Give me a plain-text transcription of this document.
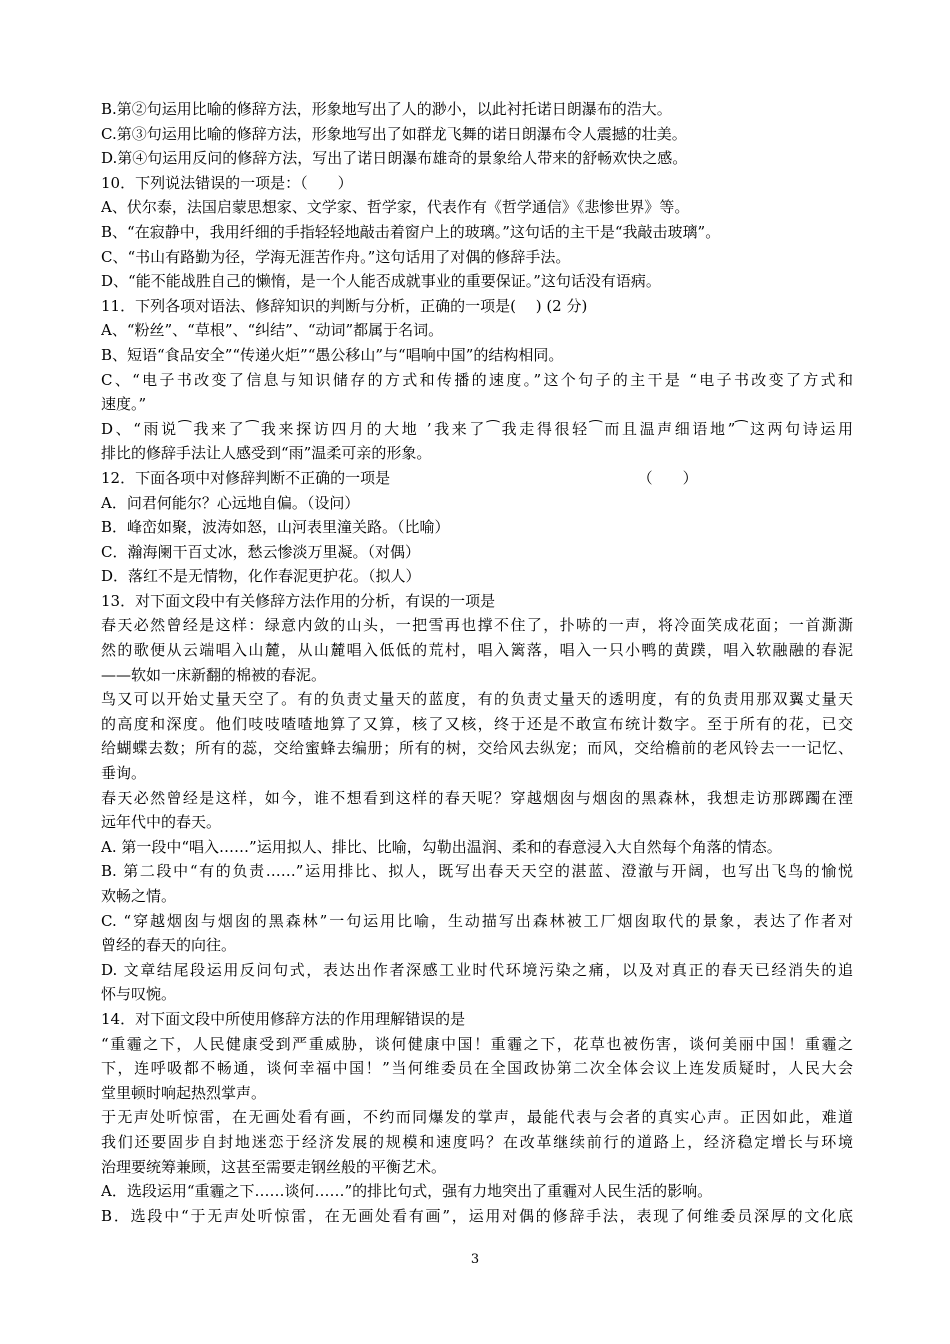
B.第②句运用比喻的修辞方法，形象地写出了人的渺小，以此衬托诺日朗瀑布的浩大。
C.第③句运用比喻的修辞方法，形象地写出了如群龙飞舞的诺日朗瀑布令人震撼的壮美。
D.第④句运用反问的修辞方法，写出了诺日朗瀑布雄奇的景象给人带来的舒畅欢快之感。
10．下列说法错误的一项是：（　　）
A、伏尔泰，法国启蒙思想家、文学家、哲学家，代表作有《哲学通信》《悲惨世界》等。
B、“在寂静中，我用纤细的手指轻轻地敲击着窗户上的玻璃。”这句话的主干是“我敲击玻璃”。
C、“书山有路勤为径，学海无涯苦作舟。”这句话用了对偶的修辞手法。
D、“能不能战胜自己的懒惰，是一个人能否成就事业的重要保证。”这句话没有语病。
11．下列各项对语法、修辞知识的判断与分析，正确的一项是(　 ) (2 分)
A、“粉丝”、“草根”、“纠结”、“动词”都属于名词。
B、短语“食品安全”“传递火炬”“愚公移山”与“唱响中国”的结构相同。
C、“电子书改变了信息与知识储存的方式和传播的速度。”这个句子的主干是 “电子书改变了方式和
速度。”
D、“雨说⁀我来了⁀我来探访四月的大地 ’我来了⁀我走得很轻⁀而且温声细语地”⁀这两句诗运用
排比的修辞手法让人感受到“雨”温柔可亲的形象。
12．下面各项中对修辞判断不正确的一项是　　　　　　　　　　　　　　　　　（　　）
A．问君何能尔？心远地自偏。（设问）
B．峰峦如聚，波涛如怒，山河表里潼关路。（比喻）
C．瀚海阑干百丈冰，愁云惨淡万里凝。（对偶）
D．落红不是无情物，化作春泥更护花。（拟人）
13．对下面文段中有关修辞方法作用的分析，有误的一项是
春天必然曾经是这样：绿意内敛的山头，一把雪再也撑不住了，扑哧的一声，将冷面笑成花面；一首澌澌
然的歌便从云端唱入山麓，从山麓唱入低低的荒村，唱入篱落，唱入一只小鸭的黄蹼，唱入软融融的春泥
——软如一床新翻的棉被的春泥。
鸟又可以开始丈量天空了。有的负责丈量天的蓝度，有的负责丈量天的透明度，有的负责用那双翼丈量天
的高度和深度。他们吱吱喳喳地算了又算，核了又核，终于还是不敢宣布统计数字。至于所有的花，已交
给蝴蝶去数；所有的蕊，交给蜜蜂去编册；所有的树，交给风去纵宠；而风，交给檐前的老风铃去一一记忆、
垂询。
春天必然曾经是这样，如今，谁不想看到这样的春天呢？穿越烟囱与烟囱的黑森林，我想走访那踯躅在湮
远年代中的春天。
A. 第一段中“唱入……”运用拟人、排比、比喻，勾勒出温润、柔和的春意浸入大自然每个角落的情态。
B. 第二段中“有的负责……”运用排比、拟人，既写出春天天空的湛蓝、澄澈与开阔，也写出飞鸟的愉悦
欢畅之情。
C. “穿越烟囱与烟囱的黑森林”一句运用比喻，生动描写出森林被工厂烟囱取代的景象，表达了作者对
曾经的春天的向往。
D. 文章结尾段运用反问句式，表达出作者深感工业时代环境污染之痛，以及对真正的春天已经消失的追
怀与叹惋。
14．对下面文段中所使用修辞方法的作用理解错误的是
“重霾之下，人民健康受到严重威胁，谈何健康中国！重霾之下，花草也被伤害，谈何美丽中国！重霾之
下，连呼吸都不畅通，谈何幸福中国！”当何维委员在全国政协第二次全体会议上连发质疑时，人民大会
堂里顿时响起热烈掌声。
于无声处听惊雷，在无画处看有画，不约而同爆发的掌声，最能代表与会者的真实心声。正因如此，难道
我们还要固步自封地迷恋于经济发展的规模和速度吗？在改革继续前行的道路上，经济稳定增长与环境
治理要统筹兼顾，这甚至需要走钢丝般的平衡艺术。
A．选段运用“重霾之下……谈何……”的排比句式，强有力地突出了重霾对人民生活的影响。
B．选段中“于无声处听惊雷，在无画处看有画”，运用对偶的修辞手法，表现了何维委员深厚的文化底
3
